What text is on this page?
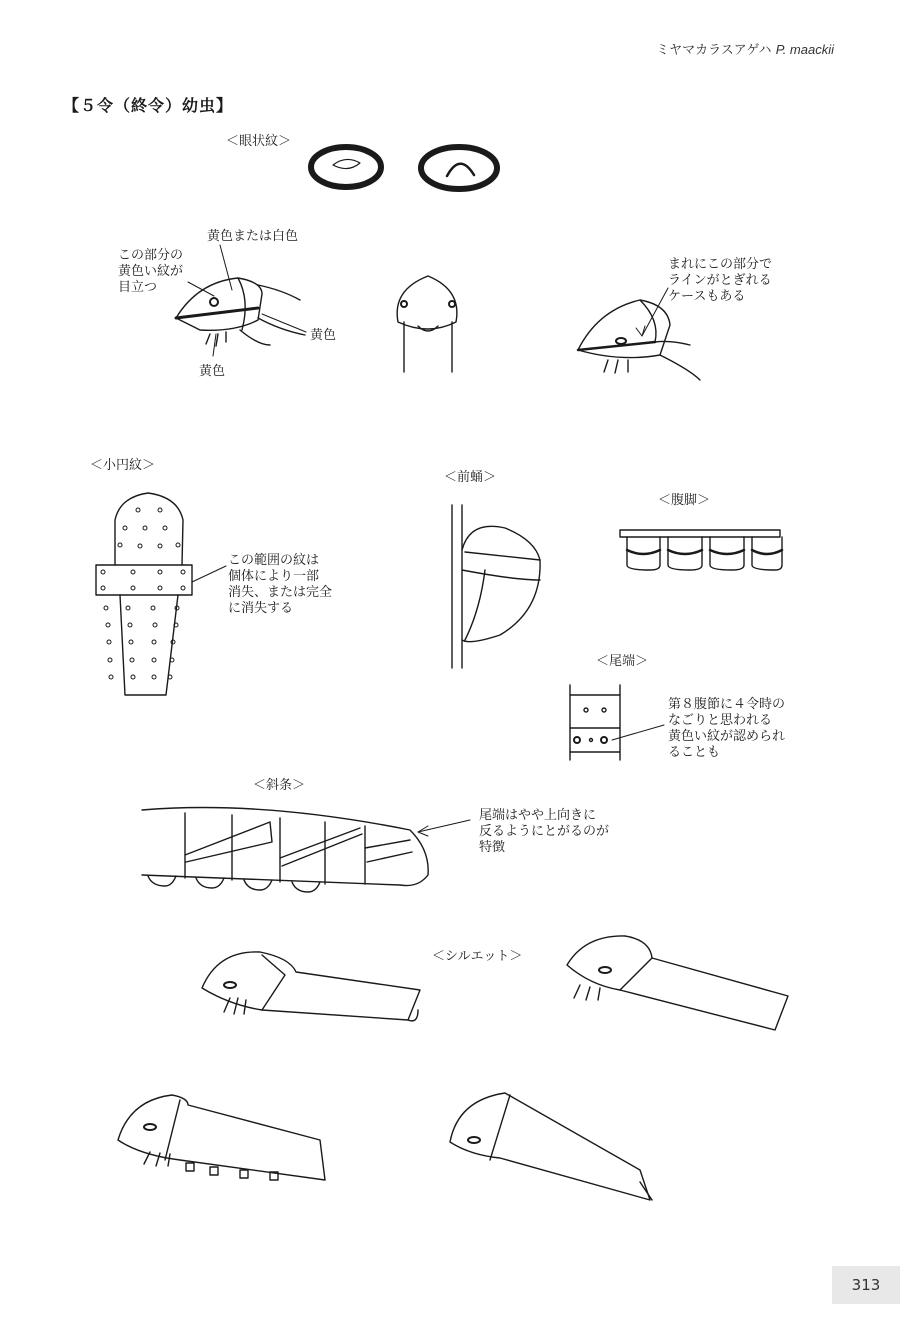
ミヤマカラスアゲハ P. maackii
【５令（終令）幼虫】
＜眼状紋＞
＜小円紋＞
＜前蛹＞
＜腹脚＞
＜尾端＞
＜斜条＞
＜シルエット＞
黄色または白色
この部分の
黄色い紋が
目立つ
黄色
黄色
まれにこの部分で
ラインがとぎれる
ケースもある
この範囲の紋は
個体により一部
消失、または完全
に消失する
第８腹節に４令時の
なごりと思われる
黄色い紋が認められ
ることも
尾端はやや上向きに
反るようにとがるのが
特徴
313
